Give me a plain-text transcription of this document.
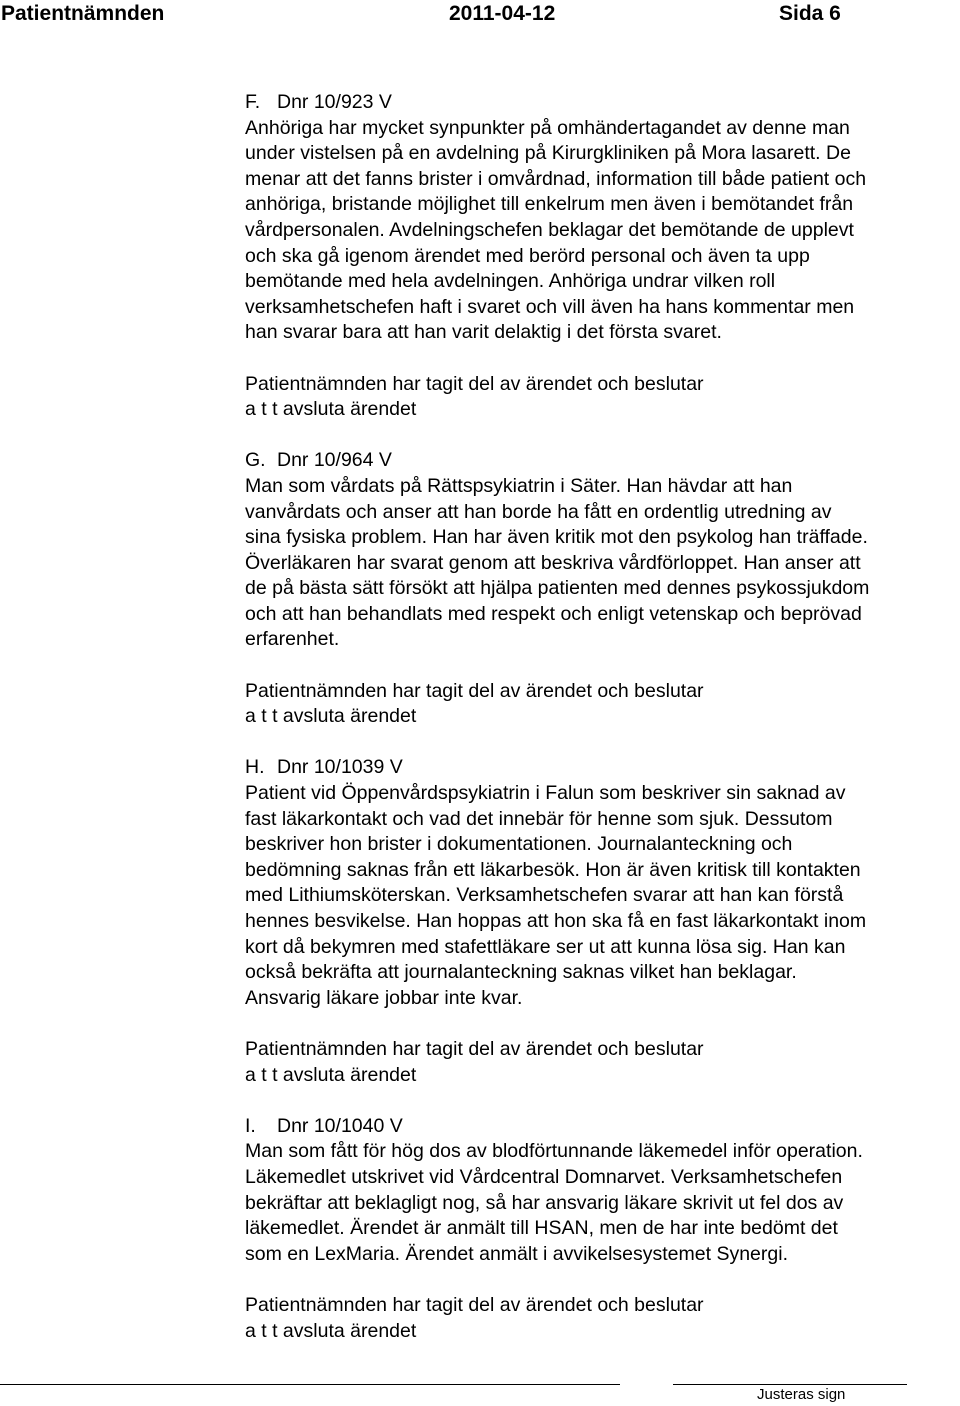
Patientnämnden	2011-04-12	Sida 6
F. Dnr 10/923 V
Anhöriga har mycket synpunkter på omhändertagandet av denne man
under vistelsen på en avdelning på Kirurgkliniken på Mora lasarett. De
menar att det fanns brister i omvårdnad, information till både patient och
anhöriga, bristande möjlighet till enkelrum men även i bemötandet från
vårdpersonalen. Avdelningschefen beklagar det bemötande de upplevt
och ska gå igenom ärendet med berörd personal och även ta upp
bemötande med hela avdelningen. Anhöriga undrar vilken roll
verksamhetschefen haft i svaret och vill även ha hans kommentar men
han svarar bara att han varit delaktig i det första svaret.
Patientnämnden har tagit del av ärendet och beslutar
a t t avsluta ärendet
G. Dnr 10/964 V
Man som vårdats på Rättspsykiatrin i Säter. Han hävdar att han
vanvårdats och anser att han borde ha fått en ordentlig utredning av
sina fysiska problem. Han har även kritik mot den psykolog han träffade.
Överläkaren har svarat genom att beskriva vårdförloppet. Han anser att
de på bästa sätt försökt att hjälpa patienten med dennes psykossjukdom
och att han behandlats med respekt och enligt vetenskap och beprövad
erfarenhet.
Patientnämnden har tagit del av ärendet och beslutar
a t t avsluta ärendet
H. Dnr 10/1039 V
Patient vid Öppenvårdspsykiatrin i Falun som beskriver sin saknad av
fast läkarkontakt och vad det innebär för henne som sjuk. Dessutom
beskriver hon brister i dokumentationen. Journalanteckning och
bedömning saknas från ett läkarbesök. Hon är även kritisk till kontakten
med Lithiumsköterskan. Verksamhetschefen svarar att han kan förstå
hennes besvikelse. Han hoppas att hon ska få en fast läkarkontakt inom
kort då bekymren med stafettläkare ser ut att kunna lösa sig. Han kan
också bekräfta att journalanteckning saknas vilket han beklagar.
Ansvarig läkare jobbar inte kvar.
Patientnämnden har tagit del av ärendet och beslutar
a t t avsluta ärendet
I. Dnr 10/1040 V
Man som fått för hög dos av blodförtunnande läkemedel inför operation.
Läkemedlet utskrivet vid Vårdcentral Domnarvet. Verksamhetschefen
bekräftar att beklagligt nog, så har ansvarig läkare skrivit ut fel dos av
läkemedlet. Ärendet är anmält till HSAN, men de har inte bedömt det
som en LexMaria. Ärendet anmält i avvikelsesystemet Synergi.
Patientnämnden har tagit del av ärendet och beslutar
a t t avsluta ärendet
Justeras sign
